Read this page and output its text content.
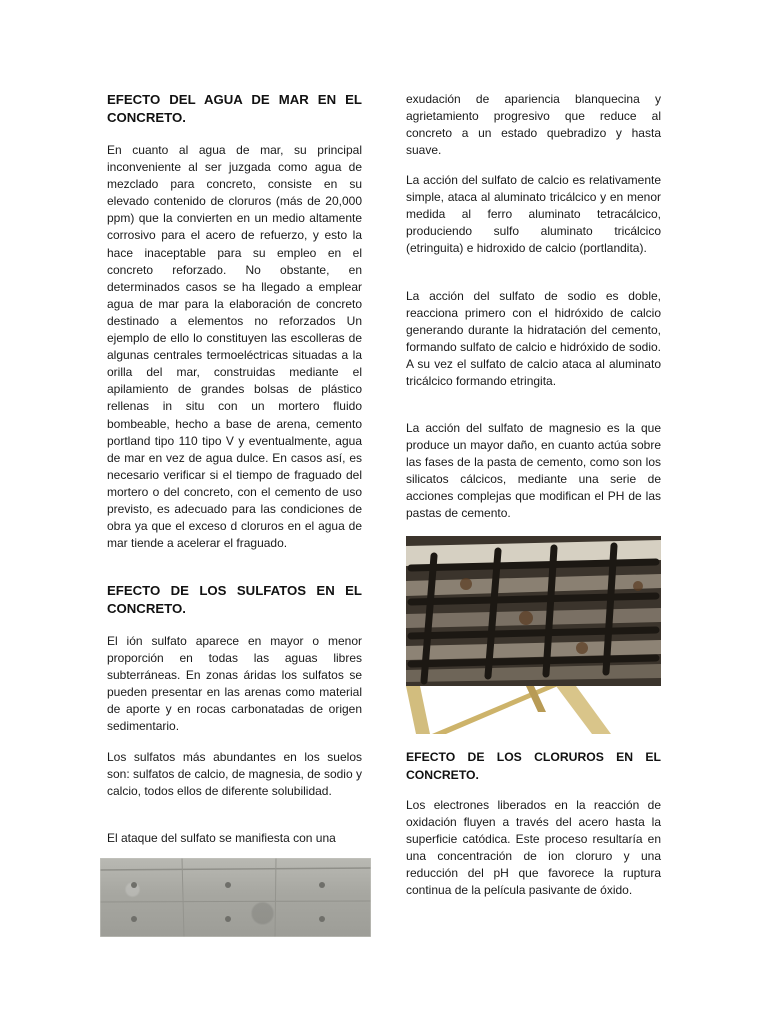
EFECTO DEL AGUA DE MAR EN EL CONCRETO.

En cuanto al agua de mar, su principal inconveniente al ser juzgada como agua de mezclado para concreto, consiste en su elevado contenido de cloruros (más de 20,000 ppm) que la convierten en un medio altamente corrosivo para el acero de refuerzo, y esto la hace inaceptable para su empleo en el concreto reforzado. No obstante, en determinados casos se ha llegado a emplear agua de mar para la elaboración de concreto destinado a elementos no reforzados Un ejemplo de ello lo constituyen las escolleras de algunas centrales termoeléctricas situadas a la orilla del mar, construidas mediante el apilamiento de grandes bolsas de plástico rellenas in situ con un mortero fluido bombeable, hecho a base de arena, cemento portland tipo 110 tipo V y eventualmente, agua de mar en vez de agua dulce. En casos así, es necesario verificar si el tiempo de fraguado del mortero o del concreto, con el cemento de uso previsto, es adecuado para las condiciones de obra ya que el exceso d cloruros en el agua de mar tiende a acelerar el fraguado.

EFECTO DE LOS SULFATOS EN EL CONCRETO.

El ión sulfato aparece en mayor o menor proporción en todas las aguas libres subterráneas. En zonas áridas los sulfatos se pueden presentar en las arenas como material de aporte y en rocas carbonatadas de origen sedimentario.

Los sulfatos más abundantes en los suelos son: sulfatos de calcio, de magnesia, de sodio y calcio, todos ellos de diferente solubilidad.

El ataque del sulfato se manifiesta con una

exudación de apariencia blanquecina y agrietamiento progresivo que reduce al concreto a un estado quebradizo y hasta suave.

La acción del sulfato de calcio es relativamente simple, ataca al aluminato tricálcico y en menor medida al ferro aluminato tetracálcico, produciendo sulfo aluminato tricálcico (etringuita) e hidroxido de calcio (portlandita).

La acción del sulfato de sodio es doble, reacciona primero con el hidróxido de calcio generando durante la hidratación del cemento, formando sulfato de calcio e hidróxido de sodio. A su vez el sulfato de calcio ataca al aluminato tricálcico formando etringita.

La acción del sulfato de magnesio es la que produce un mayor daño, en cuanto actúa sobre las fases de la pasta de cemento, como son los silicatos cálcicos, mediante una serie de acciones complejas que modifican el PH de las pastas de cemento.

EFECTO DE LOS CLORUROS EN EL CONCRETO.

Los electrones liberados en la reacción de oxidación fluyen a través del acero hasta la superficie catódica. Este proceso resultaría en una concentración de ion cloruro y una reducción del pH que favorece la ruptura continua de la película pasivante de óxido.
